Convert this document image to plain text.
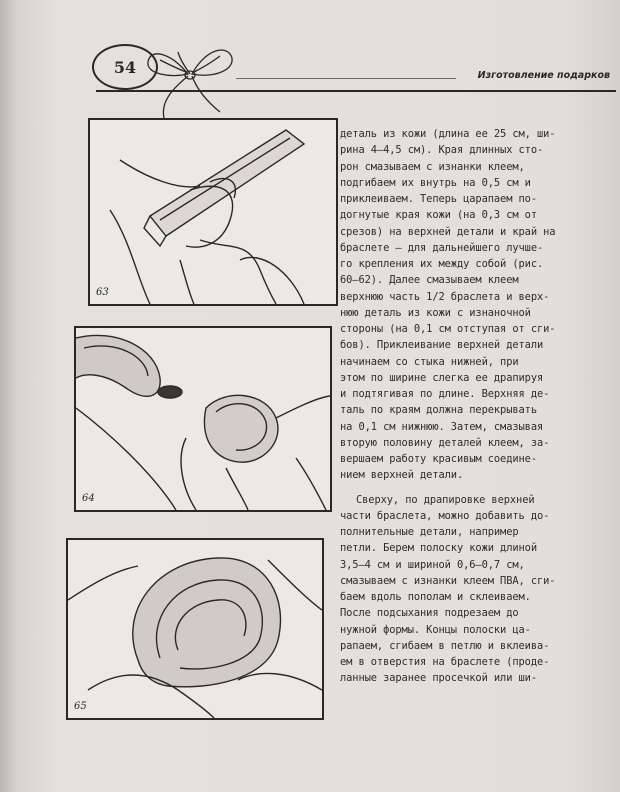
54	Изготовление подарков
63
64
65
деталь из кожи (длина ее 25 см, ши-
рина 4–4,5 см). Края длинных сто-
рон смазываем с изнанки клеем,
подгибаем их внутрь на 0,5 см и
приклеиваем. Теперь царапаем по-
догнутые края кожи (на 0,3 см от
срезов) на верхней детали и край на
браслете — для дальнейшего лучше-
го крепления их между собой (рис.
60–62). Далее смазываем клеем
верхнюю часть 1/2 браслета и верх-
нюю деталь из кожи с изнаночной
стороны (на 0,1 см отступая от сги-
бов). Приклеивание верхней детали
начинаем со стыка нижней, при
этом по ширине слегка ее драпируя
и подтягивая по длине. Верхняя де-
таль по краям должна перекрывать
на 0,1 см нижнюю. Затем, смазывая
вторую половину деталей клеем, за-
вершаем работу красивым соедине-
нием верхней детали.
Сверху, по драпировке верхней
части браслета, можно добавить до-
полнительные детали, например
петли. Берем полоску кожи длиной
3,5–4 см и шириной 0,6–0,7 см,
смазываем с изнанки клеем ПВА, сги-
баем вдоль пополам и склеиваем.
После подсыхания подрезаем до
нужной формы. Концы полоски ца-
рапаем, сгибаем в петлю и вклеива-
ем в отверстия на браслете (проде-
ланные заранее просечкой или ши-
